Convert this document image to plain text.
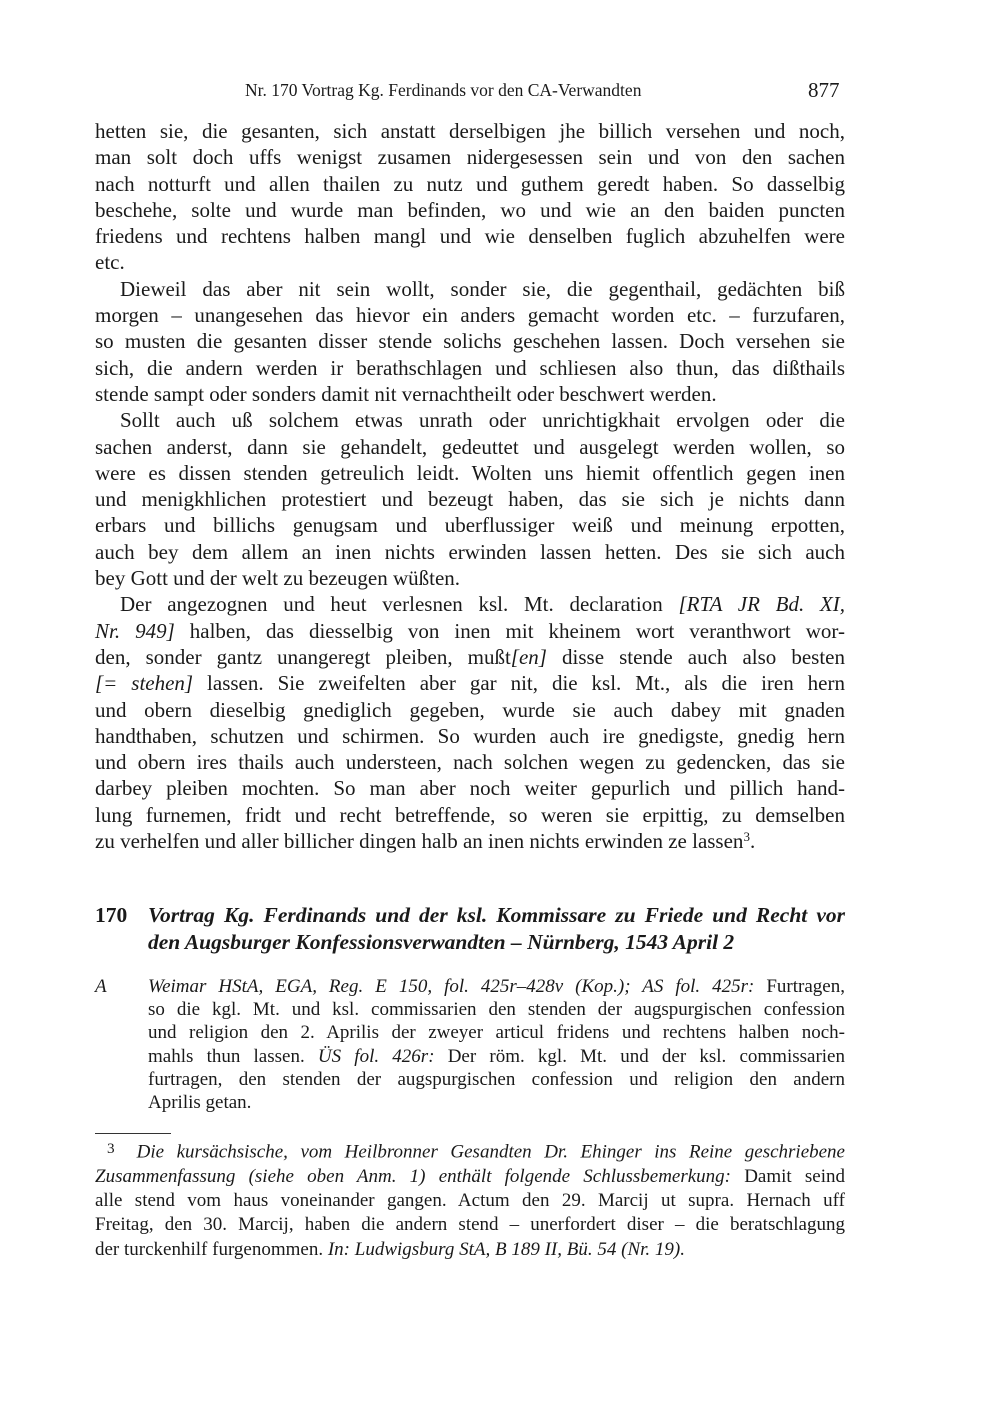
Nr. 170 Vortrag Kg. Ferdinands vor den CA-Verwandten	877
hetten sie, die gesanten, sich anstatt derselbigen jhe billich versehen und noch,
man solt doch uffs wenigst zusamen nidergesessen sein und von den sachen
nach notturft und allen thailen zu nutz und guthem geredt haben. So dasselbig
beschehe, solte und wurde man befinden, wo und wie an den baiden puncten
friedens und rechtens halben mangl und wie denselben fuglich abzuhelfen were
etc.
Dieweil das aber nit sein wollt, sonder sie, die gegenthail, gedächten biß
morgen – unangesehen das hievor ein anders gemacht worden etc. – furzufaren,
so musten die gesanten disser stende solichs geschehen lassen. Doch versehen sie
sich, die andern werden ir berathschlagen und schliesen also thun, das dißthails
stende sampt oder sonders damit nit vernachtheilt oder beschwert werden.
Sollt auch uß solchem etwas unrath oder unrichtigkhait ervolgen oder die
sachen anderst, dann sie gehandelt, gedeuttet und ausgelegt werden wollen, so
were es dissen stenden getreulich leidt. Wolten uns hiemit offentlich gegen inen
und menigkhlichen protestiert und bezeugt haben, das sie sich je nichts dann
erbars und billichs genugsam und uberflussiger weiß und meinung erpotten,
auch bey dem allem an inen nichts erwinden lassen hetten. Des sie sich auch
bey Gott und der welt zu bezeugen wüßten.
Der angezognen und heut verlesnen ksl. Mt. declaration [RTA JR Bd. XI,
Nr. 949] halben, das diesselbig von inen mit kheinem wort veranthwort wor-
den, sonder gantz unangeregt pleiben, mußt[en] disse stende auch also besten
[= stehen] lassen. Sie zweifelten aber gar nit, die ksl. Mt., als die iren hern
und obern dieselbig gnediglich gegeben, wurde sie auch dabey mit gnaden
handthaben, schutzen und schirmen. So wurden auch ire gnedigste, gnedig hern
und obern ires thails auch understeen, nach solchen wegen zu gedencken, das sie
darbey pleiben mochten. So man aber noch weiter gepurlich und pillich hand-
lung furnemen, fridt und recht betreffende, so weren sie erpittig, zu demselben
zu verhelfen und aller billicher dingen halb an inen nichts erwinden ze lassen$^3$.
170 Vortrag Kg. Ferdinands und der ksl. Kommissare zu Friede und Recht vor
den Augsburger Konfessionsverwandten – Nürnberg, 1543 April 2
A Weimar HStA, EGA, Reg. E 150, fol. 425r–428v (Kop.); AS fol. 425r: Furtragen,
so die kgl. Mt. und ksl. commissarien den stenden der augspurgischen confession
und religion den 2. Aprilis der zweyer articul fridens und rechtens halben noch-
mahls thun lassen. ÜS fol. 426r: Der röm. kgl. Mt. und der ksl. commissarien
furtragen, den stenden der augspurgischen confession und religion den andern
Aprilis getan.
$^3$ Die kursächsische, vom Heilbronner Gesandten Dr. Ehinger ins Reine geschriebene
Zusammenfassung (siehe oben Anm. 1) enthält folgende Schlussbemerkung: Damit seind
alle stend vom haus voneinander gangen. Actum den 29. Marcij ut supra. Hernach uff
Freitag, den 30. Marcij, haben die andern stend – unerfordert diser – die beratschlagung
der turckenhilf furgenommen. In: Ludwigsburg StA, B 189 II, Bü. 54 (Nr. 19).
